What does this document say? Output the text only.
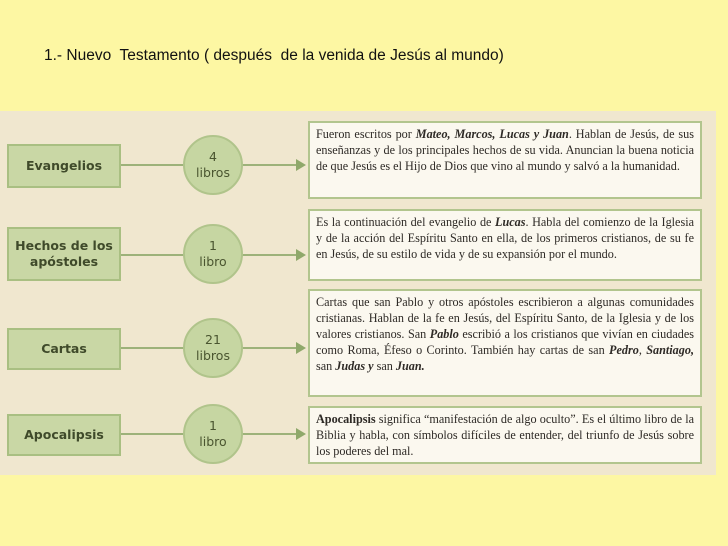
1.- Nuevo  Testamento ( después  de la venida de Jesús al mundo)
Evangelios
4
libros
Fueron escritos por Mateo, Marcos, Lucas y Juan. Hablan de Jesús, de sus enseñanzas y de los principales hechos de su vida. Anuncian la buena noticia de que Jesús es el Hijo de Dios que vino al mundo y salvó a la humanidad.
Hechos de los apóstoles
1
libro
Es la continuación del evangelio de Lucas. Habla del comienzo de la Iglesia y de la acción del Espíritu Santo en ella, de los primeros cristianos, de su fe en Jesús, de su estilo de vida y de su expansión por el mundo.
Cartas
21
libros
Cartas que san Pablo y otros apóstoles escribieron a algunas comunidades cristianas. Hablan de la fe en Jesús, del Espíritu Santo, de la Iglesia y de los valores cristianos. San Pablo escribió a los cristianos que vivían en ciudades como Roma, Éfeso o Corinto. También hay cartas de san Pedro, Santiago, san Judas y san Juan.
Apocalipsis
1
libro
Apocalipsis significa “manifestación de algo oculto”. Es el último libro de la Biblia y habla, con símbolos difíciles de entender, del triunfo de Jesús sobre los poderes del mal.
